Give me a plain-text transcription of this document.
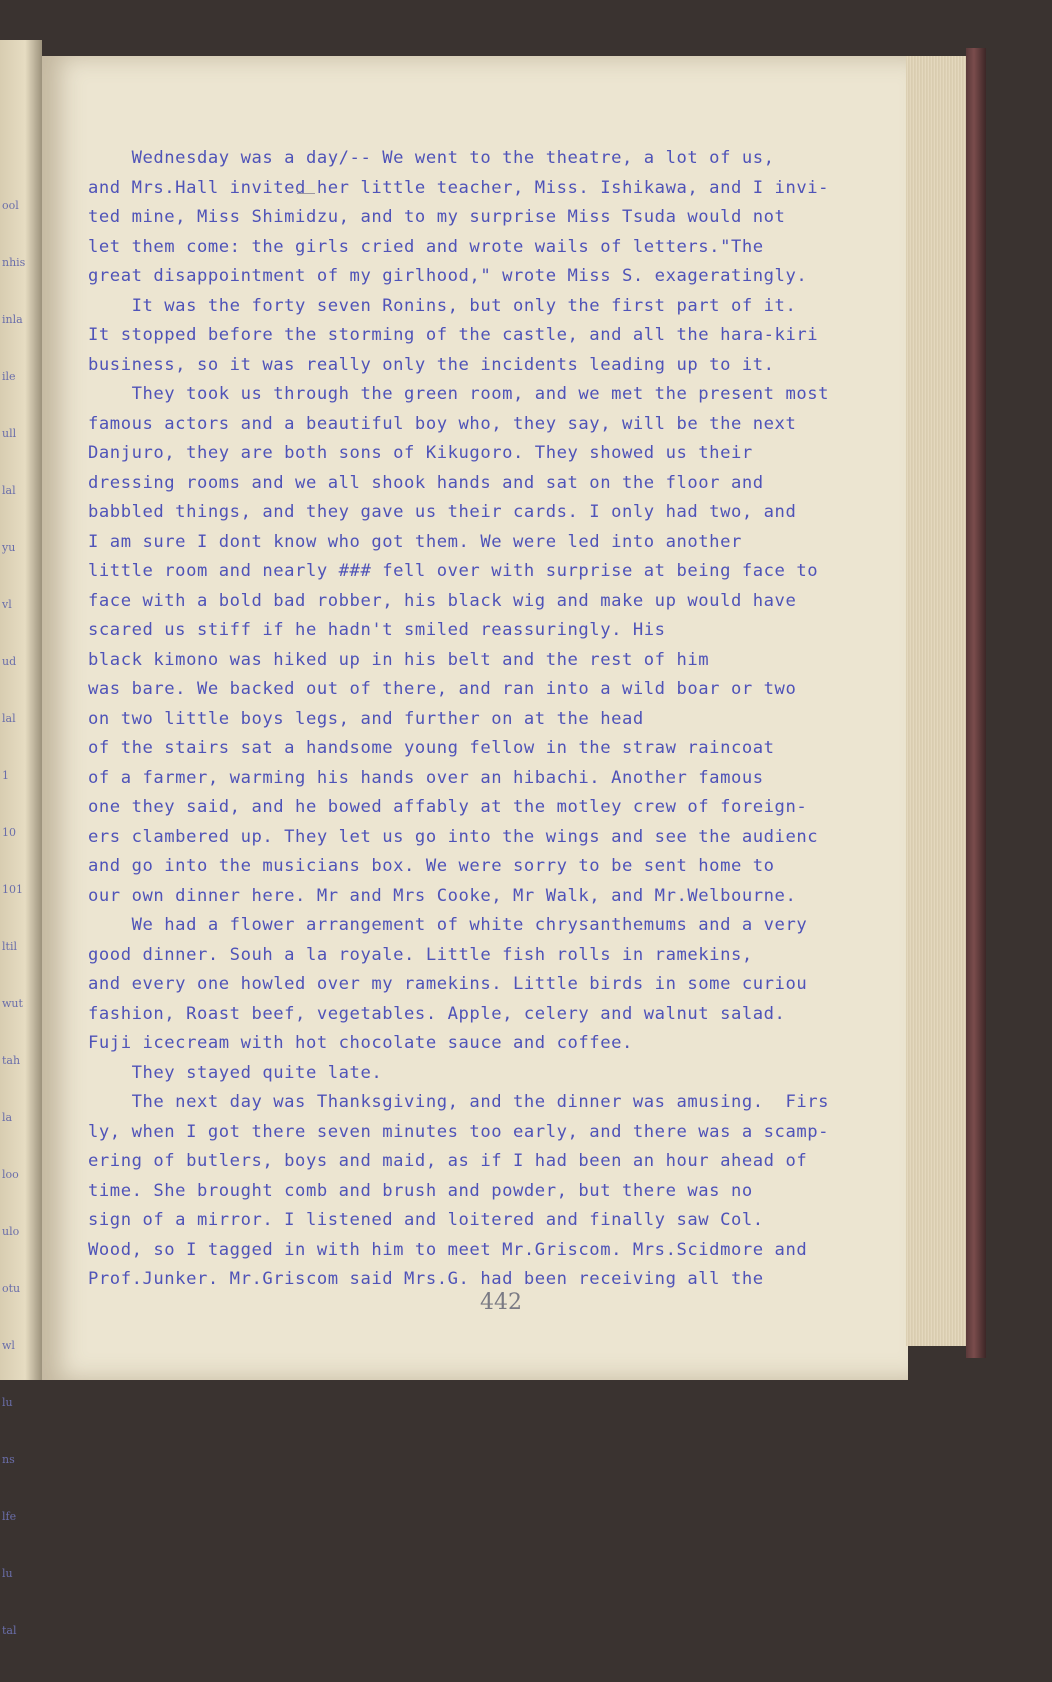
ool
nhis
inla
ile
ull
lal
yu
vl
ud
lal
1
10
101
ltil
wut
tah
la
loo
ulo
otu
wl
lu
ns
lfe
lu
tal
Wednesday was a day/-- We went to the theatre, a lot of us,
and Mrs.Hall invited her little teacher, Miss. Ishikawa, and I invi-
ted mine, Miss Shimidzu, and to my surprise Miss Tsuda would not
let them come: the girls cried and wrote wails of letters."The
great disappointment of my girlhood," wrote Miss S. exageratingly.
It was the forty seven Ronins, but only the first part of it.
It stopped before the storming of the castle, and all the hara-kiri
business, so it was really only the incidents leading up to it.
They took us through the green room, and we met the present most
famous actors and a beautiful boy who, they say, will be the next
Danjuro, they are both sons of Kikugoro. They showed us their
dressing rooms and we all shook hands and sat on the floor and
babbled things, and they gave us their cards. I only had two, and
I am sure I dont know who got them. We were led into another
little room and nearly ### fell over with surprise at being face to
face with a bold bad robber, his black wig and make up would have
scared us stiff if he hadn't smiled reassuringly. His
black kimono was hiked up in his belt and the rest of him
was bare. We backed out of there, and ran into a wild boar or two
on two little boys legs, and further on at the head
of the stairs sat a handsome young fellow in the straw raincoat
of a farmer, warming his hands over an hibachi. Another famous
one they said, and he bowed affably at the motley crew of foreign-
ers clambered up. They let us go into the wings and see the audienc
and go into the musicians box. We were sorry to be sent home to
our own dinner here. Mr and Mrs Cooke, Mr Walk, and Mr.Welbourne.
We had a flower arrangement of white chrysanthemums and a very
good dinner. Souh a la royale. Little fish rolls in ramekins,
and every one howled over my ramekins. Little birds in some curiou
fashion, Roast beef, vegetables. Apple, celery and walnut salad.
Fuji icecream with hot chocolate sauce and coffee.
They stayed quite late.
The next day was Thanksgiving, and the dinner was amusing.  Firs
ly, when I got there seven minutes too early, and there was a scamp-
ering of butlers, boys and maid, as if I had been an hour ahead of
time. She brought comb and brush and powder, but there was no
sign of a mirror. I listened and loitered and finally saw Col.
Wood, so I tagged in with him to meet Mr.Griscom. Mrs.Scidmore and
Prof.Junker. Mr.Griscom said Mrs.G. had been receiving all the
442
